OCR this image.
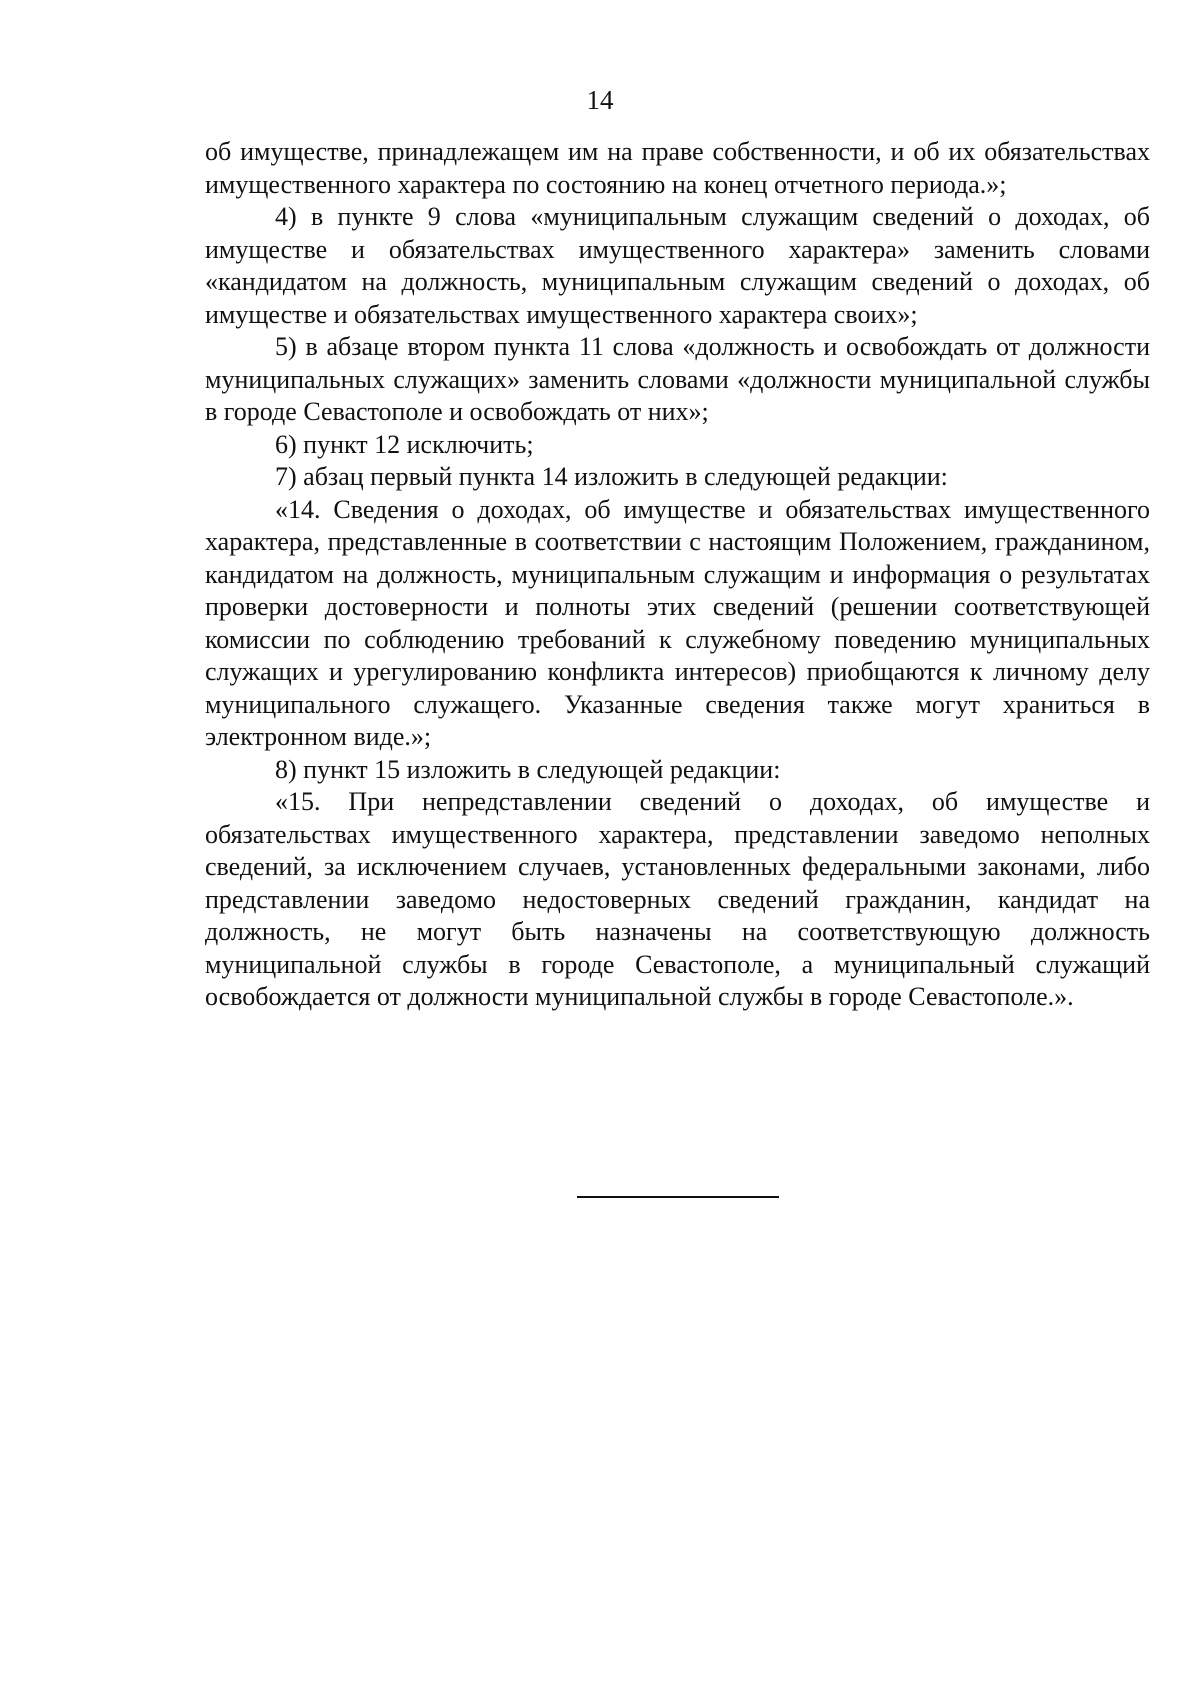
14

об имуществе, принадлежащем им на праве собственности, и об их обязательствах имущественного характера по состоянию на конец отчетного периода.»;

4) в пункте 9 слова «муниципальным служащим сведений о доходах, об имуществе и обязательствах имущественного характера» заменить словами «кандидатом на должность, муниципальным служащим сведений о доходах, об имуществе и обязательствах имущественного характера своих»;

5) в абзаце втором пункта 11 слова «должность и освобождать от должности муниципальных служащих» заменить словами «должности муниципальной службы в городе Севастополе и освобождать от них»;

6) пункт 12 исключить;

7) абзац первый пункта 14 изложить в следующей редакции:

«14. Сведения о доходах, об имуществе и обязательствах имущественного характера, представленные в соответствии с настоящим Положением, гражданином, кандидатом на должность, муниципальным служащим и информация о результатах проверки достоверности и полноты этих сведений (решении соответствующей комиссии по соблюдению требований к служебному поведению муниципальных служащих и урегулированию конфликта интересов) приобщаются к личному делу муниципального служащего. Указанные сведения также могут храниться в электронном виде.»;

8) пункт 15 изложить в следующей редакции:

«15. При непредставлении сведений о доходах, об имуществе и обязательствах имущественного характера, представлении заведомо неполных сведений, за исключением случаев, установленных федеральными законами, либо представлении заведомо недостоверных сведений гражданин, кандидат на должность, не могут быть назначены на соответствующую должность муниципальной службы в городе Севастополе, а муниципальный служащий освобождается от должности муниципальной службы в городе Севастополе.».
